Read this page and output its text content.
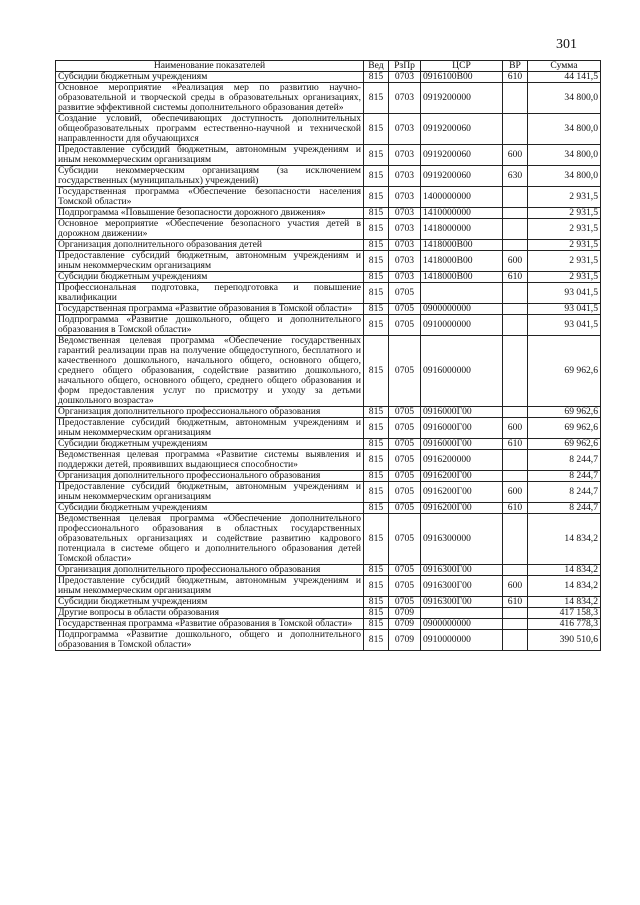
301
Наименование показателей	Вед	РзПр	ЦСР	ВР	Сумма
Субсидии бюджетным учреждениям	815	0703	0916100В00	610	44 141,5
Основное мероприятие «Реализация мер по развитию научно-образовательной и творческой среды в образовательных организациях, развитие эффективной системы дополнительного образования детей»	815	0703	0919200000		34 800,0
Создание условий, обеспечивающих доступность дополнительных общеобразовательных программ естественно-научной и технической направленности для обучающихся	815	0703	0919200060		34 800,0
Предоставление субсидий бюджетным, автономным учреждениям и иным некоммерческим организациям	815	0703	0919200060	600	34 800,0
Субсидии некоммерческим организациям (за исключением государственных (муниципальных) учреждений)	815	0703	0919200060	630	34 800,0
Государственная программа «Обеспечение безопасности населения Томской области»	815	0703	1400000000		2 931,5
Подпрограмма «Повышение безопасности дорожного движения»	815	0703	1410000000		2 931,5
Основное мероприятие «Обеспечение безопасного участия детей в дорожном движении»	815	0703	1418000000		2 931,5
Организация дополнительного образования детей	815	0703	1418000В00		2 931,5
Предоставление субсидий бюджетным, автономным учреждениям и иным некоммерческим организациям	815	0703	1418000В00	600	2 931,5
Субсидии бюджетным учреждениям	815	0703	1418000В00	610	2 931,5
Профессиональная подготовка, переподготовка и повышение квалификации	815	0705			93 041,5
Государственная программа «Развитие образования в Томской области»	815	0705	0900000000		93 041,5
Подпрограмма «Развитие дошкольного, общего и дополнительного образования в Томской области»	815	0705	0910000000		93 041,5
Ведомственная целевая программа «Обеспечение государственных гарантий реализации прав на получение общедоступного, бесплатного и качественного дошкольного, начального общего, основного общего, среднего общего образования, содействие развитию дошкольного, начального общего, основного общего, среднего общего образования и форм предоставления услуг по присмотру и уходу за детьми дошкольного возраста»	815	0705	0916000000		69 962,6
Организация дополнительного профессионального образования	815	0705	0916000Г00		69 962,6
Предоставление субсидий бюджетным, автономным учреждениям и иным некоммерческим организациям	815	0705	0916000Г00	600	69 962,6
Субсидии бюджетным учреждениям	815	0705	0916000Г00	610	69 962,6
Ведомственная целевая программа «Развитие системы выявления и поддержки детей, проявивших выдающиеся способности»	815	0705	0916200000		8 244,7
Организация дополнительного профессионального образования	815	0705	0916200Г00		8 244,7
Предоставление субсидий бюджетным, автономным учреждениям и иным некоммерческим организациям	815	0705	0916200Г00	600	8 244,7
Субсидии бюджетным учреждениям	815	0705	0916200Г00	610	8 244,7
Ведомственная целевая программа «Обеспечение дополнительного профессионального образования в областных государственных образовательных организациях и содействие развитию кадрового потенциала в системе общего и дополнительного образования детей Томской области»	815	0705	0916300000		14 834,2
Организация дополнительного профессионального образования	815	0705	0916300Г00		14 834,2
Предоставление субсидий бюджетным, автономным учреждениям и иным некоммерческим организациям	815	0705	0916300Г00	600	14 834,2
Субсидии бюджетным учреждениям	815	0705	0916300Г00	610	14 834,2
Другие вопросы в области образования	815	0709			417 158,3
Государственная программа «Развитие образования в Томской области»	815	0709	0900000000		416 778,3
Подпрограмма «Развитие дошкольного, общего и дополнительного образования в Томской области»	815	0709	0910000000		390 510,6
